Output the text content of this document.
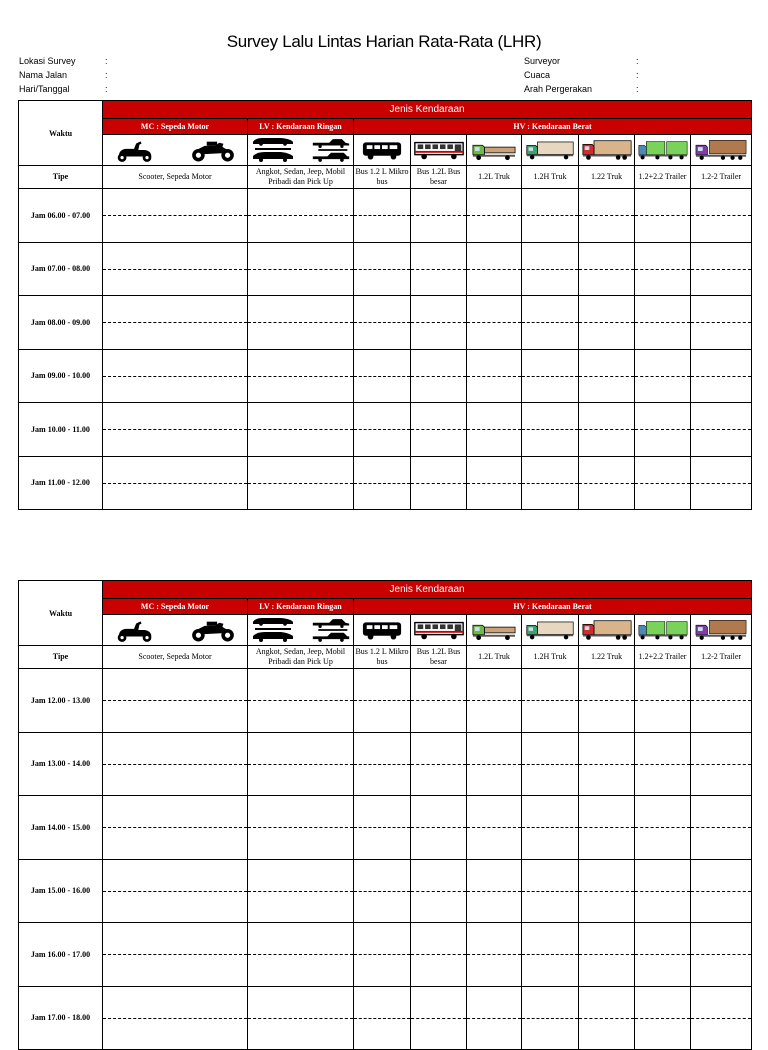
Survey Lalu Lintas Harian Rata-Rata (LHR)
Lokasi Survey	:
Nama Jalan	:
Hari/Tanggal	:
Surveyor	:
Cuaca	:
Arah Pergerakan	:
Waktu	Jenis Kendaraan								
	MC : Sepeda Motor	LV : Kendaraan Ringan	HV : Kendaraan Berat						

Tipe	Scooter, Sepeda Motor	Angkot, Sedan, Jeep, Mobil Pribadi dan Pick Up	Bus 1.2 L Mikro bus	Bus 1.2L Bus besar	1.2L Truk	1.2H Truk	1.22 Truk	1.2+2.2 Trailer	1.2-2 Trailer
Jam 06.00 - 07.00	

Jam 07.00 - 08.00	

Jam 08.00 - 09.00	

Jam 09.00 - 10.00	

Jam 10.00 - 11.00	

Jam 11.00 - 12.00	

Waktu	Jenis Kendaraan								
	MC : Sepeda Motor	LV : Kendaraan Ringan	HV : Kendaraan Berat						

Tipe	Scooter, Sepeda Motor	Angkot, Sedan, Jeep, Mobil Pribadi dan Pick Up	Bus 1.2 L Mikro bus	Bus 1.2L Bus besar	1.2L Truk	1.2H Truk	1.22 Truk	1.2+2.2 Trailer	1.2-2 Trailer
Jam 12.00 - 13.00	

Jam 13.00 - 14.00	

Jam 14.00 - 15.00	

Jam 15.00 - 16.00	

Jam 16.00 - 17.00	

Jam 17.00 - 18.00	
